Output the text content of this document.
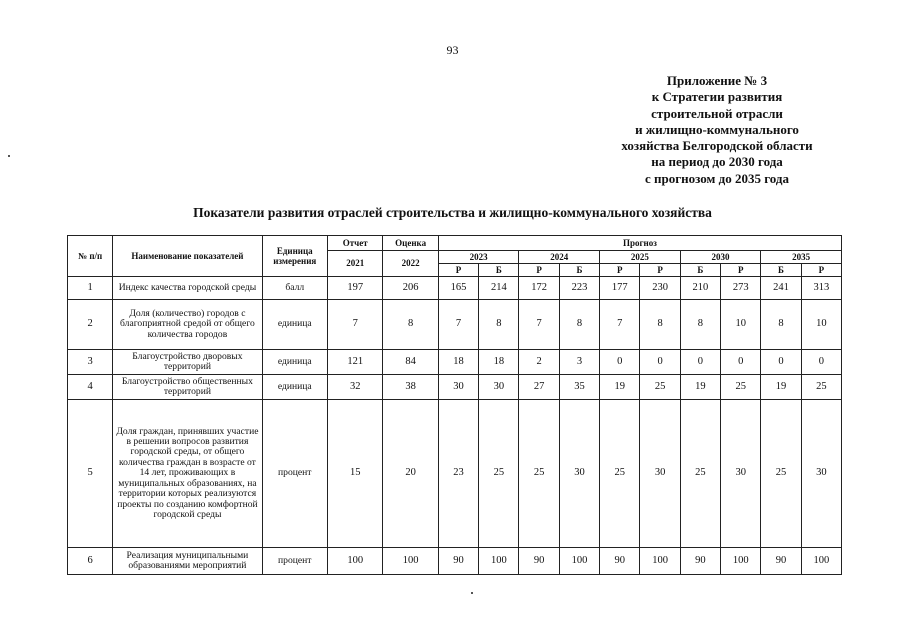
93
Приложение № 3
к Стратегии развития
строительной отрасли
и жилищно-коммунального
хозяйства Белгородской области
на период до 2030 года
с прогнозом до 2035 года
Показатели развития отраслей строительства и жилищно-коммунального хозяйства
№ п/п	Наименование показателей	Единица измерения	Отчет	Оценка	Прогноз									
			2021	2022	2023		2024		2025		2030		2035	
					Р	Б	Р	Б	Р	Р	Б	Р	Б	Р
1	Индекс качества городской среды	балл	197	206	165	214	172	223	177	230	210	273	241	313
2	Доля (количество) городов с благоприятной средой от общего количества городов	единица	7	8	7	8	7	8	7	8	8	10	8	10
3	Благоустройство дворовых территорий	единица	121	84	18	18	2	3	0	0	0	0	0	0
4	Благоустройство общественных территорий	единица	32	38	30	30	27	35	19	25	19	25	19	25
5	Доля граждан, принявших участие в решении вопросов развития городской среды, от общего количества граждан в возрасте от 14 лет, проживающих в муниципальных образованиях, на территории которых реализуются проекты по созданию комфортной городской среды	процент	15	20	23	25	25	30	25	30	25	30	25	30
6	Реализация муниципальными образованиями мероприятий	процент	100	100	90	100	90	100	90	100	90	100	90	100
